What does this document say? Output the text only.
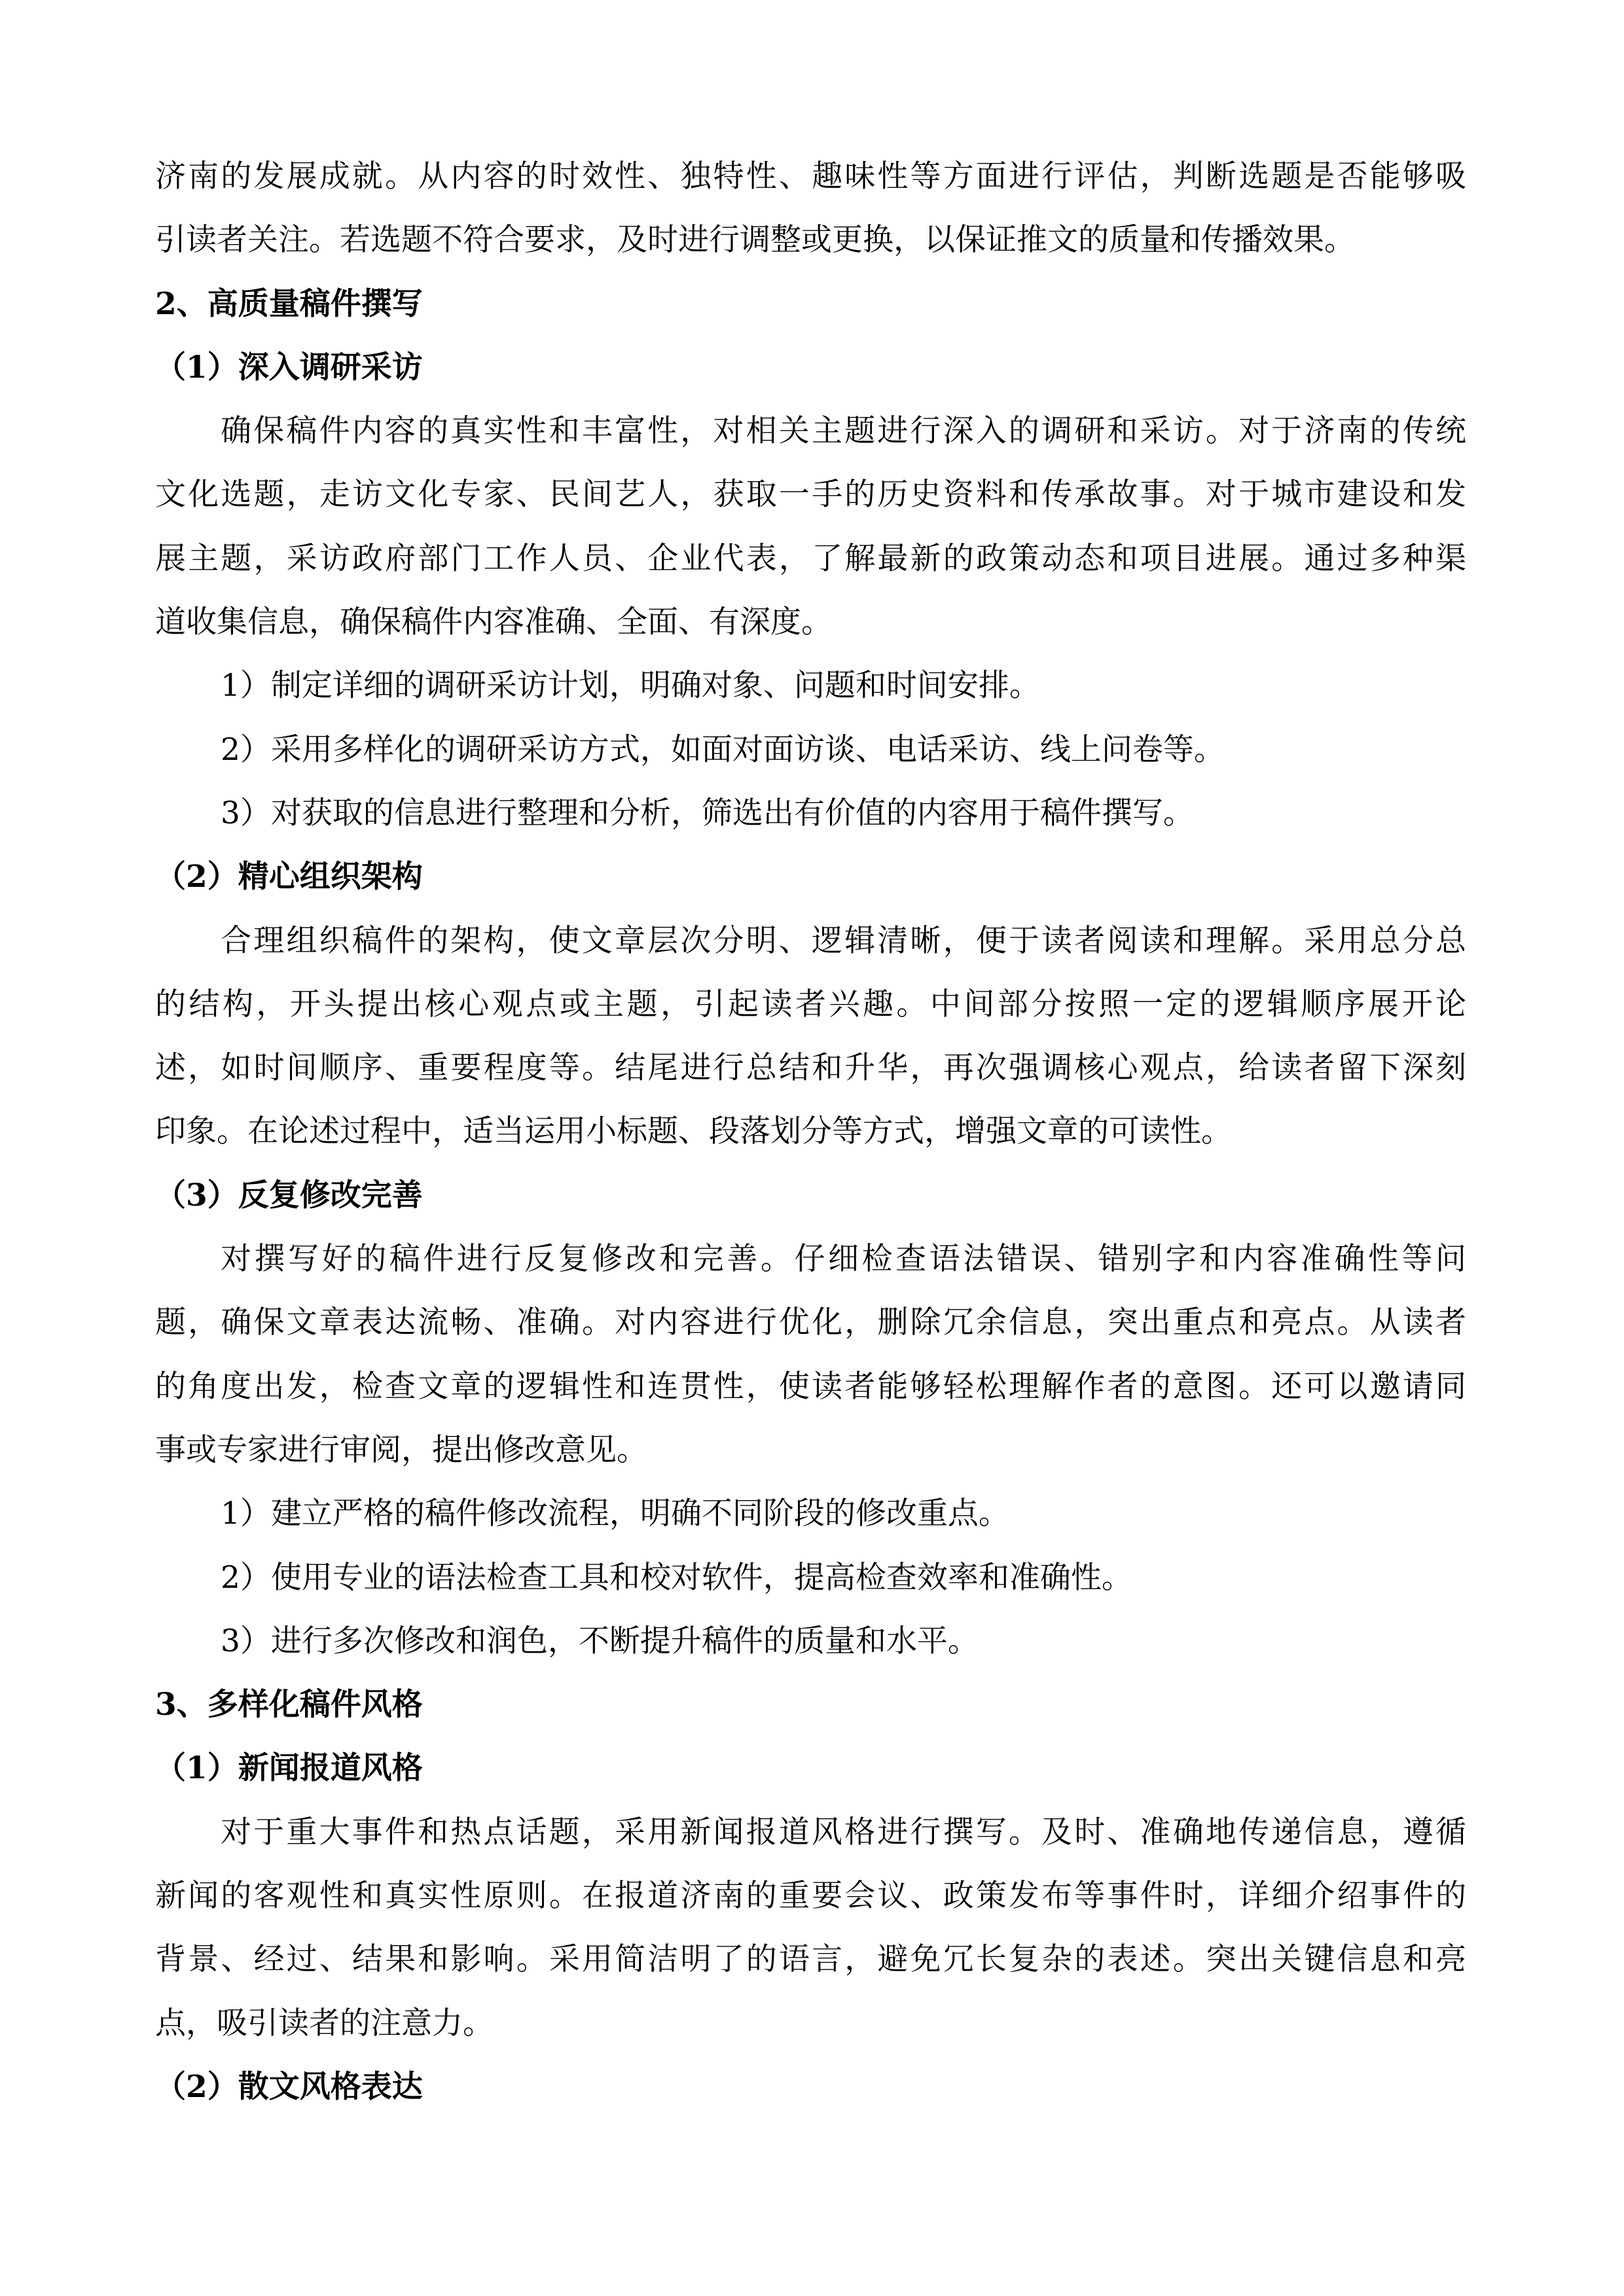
济南的发展成就。从内容的时效性、独特性、趣味性等方面进行评估，判断选题是否能够吸
引读者关注。若选题不符合要求，及时进行调整或更换，以保证推文的质量和传播效果。
2、高质量稿件撰写
（1）深入调研采访
确保稿件内容的真实性和丰富性，对相关主题进行深入的调研和采访。对于济南的传统
文化选题，走访文化专家、民间艺人，获取一手的历史资料和传承故事。对于城市建设和发
展主题，采访政府部门工作人员、企业代表，了解最新的政策动态和项目进展。通过多种渠
道收集信息，确保稿件内容准确、全面、有深度。
1）制定详细的调研采访计划，明确对象、问题和时间安排。
2）采用多样化的调研采访方式，如面对面访谈、电话采访、线上问卷等。
3）对获取的信息进行整理和分析，筛选出有价值的内容用于稿件撰写。
（2）精心组织架构
合理组织稿件的架构，使文章层次分明、逻辑清晰，便于读者阅读和理解。采用总分总
的结构，开头提出核心观点或主题，引起读者兴趣。中间部分按照一定的逻辑顺序展开论
述，如时间顺序、重要程度等。结尾进行总结和升华，再次强调核心观点，给读者留下深刻
印象。在论述过程中，适当运用小标题、段落划分等方式，增强文章的可读性。
（3）反复修改完善
对撰写好的稿件进行反复修改和完善。仔细检查语法错误、错别字和内容准确性等问
题，确保文章表达流畅、准确。对内容进行优化，删除冗余信息，突出重点和亮点。从读者
的角度出发，检查文章的逻辑性和连贯性，使读者能够轻松理解作者的意图。还可以邀请同
事或专家进行审阅，提出修改意见。
1）建立严格的稿件修改流程，明确不同阶段的修改重点。
2）使用专业的语法检查工具和校对软件，提高检查效率和准确性。
3）进行多次修改和润色，不断提升稿件的质量和水平。
3、多样化稿件风格
（1）新闻报道风格
对于重大事件和热点话题，采用新闻报道风格进行撰写。及时、准确地传递信息，遵循
新闻的客观性和真实性原则。在报道济南的重要会议、政策发布等事件时，详细介绍事件的
背景、经过、结果和影响。采用简洁明了的语言，避免冗长复杂的表述。突出关键信息和亮
点，吸引读者的注意力。
（2）散文风格表达
